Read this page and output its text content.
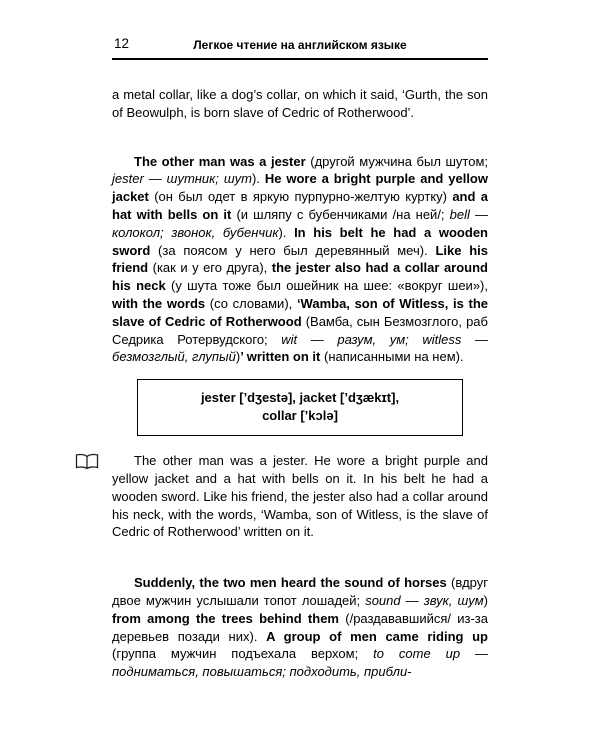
12	Легкое чтение на английском языке

a metal collar, like a dog’s collar, on which it said, ‘Gurth, the son of Beowulph, is born slave of Cedric of Rotherwood’.

The other man was a jester (другой мужчина был шутом; jester — шутник; шут). He wore a bright purple and yellow jacket (он был одет в яркую пурпурно-желтую куртку) and a hat with bells on it (и шляпу с бубенчиками /на ней/; bell — колокол; звонок, бубенчик). In his belt he had a wooden sword (за поясом у него был деревянный меч). Like his friend (как и у его друга), the jester also had a collar around his neck (у шута тоже был ошейник на шее: «вокруг шеи»), with the words (со словами), ‘Wamba, son of Witless, is the slave of Cedric of Rotherwood (Вамба, сын Безмозглого, раб Седрика Ротервудского; wit — разум, ум; witless — безмозглый, глупый)’ written on it (написанными на нем).

jester [’dʒestə], jacket [’dʒækɪt],
collar [’kɔlə]

The other man was a jester. He wore a bright purple and yellow jacket and a hat with bells on it. In his belt he had a wooden sword. Like his friend, the jester also had a collar around his neck, with the words, ‘Wamba, son of Witless, is the slave of Cedric of Rotherwood’ written on it.

Suddenly, the two men heard the sound of horses (вдруг двое мужчин услышали топот лошадей; sound — звук, шум) from among the trees behind them (/раздававшийся/ из-за деревьев позади них). A group of men came riding up (группа мужчин подъехала верхом; to come up — подниматься, повышаться; подходить, прибли-
